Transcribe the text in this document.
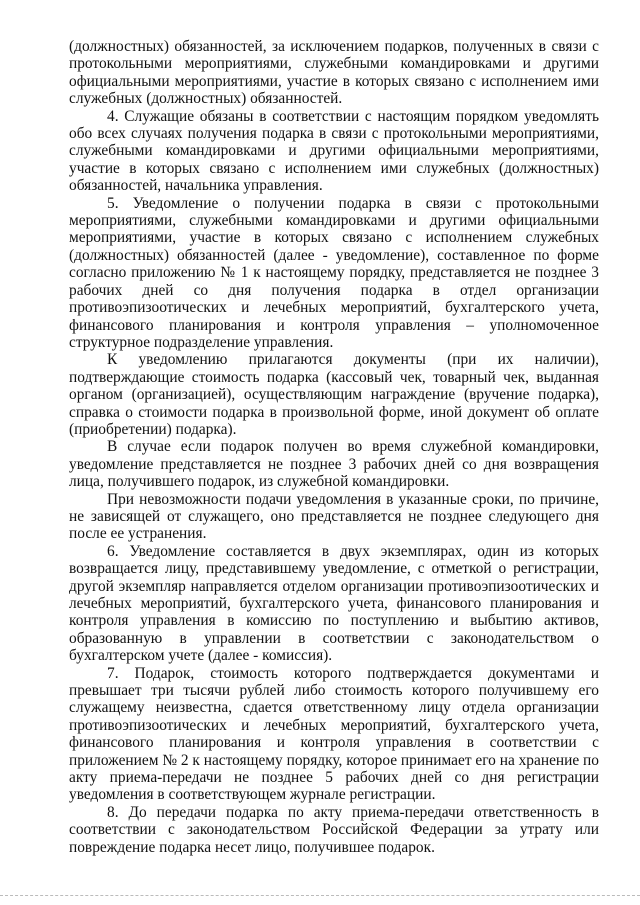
(должностных) обязанностей, за исключением подарков, полученных в связи с протокольными мероприятиями, служебными командировками и другими официальными мероприятиями, участие в которых связано с исполнением ими служебных (должностных) обязанностей.

4. Служащие обязаны в соответствии с настоящим порядком уведомлять обо всех случаях получения подарка в связи с протокольными мероприятиями, служебными командировками и другими официальными мероприятиями, участие в которых связано с исполнением ими служебных (должностных) обязанностей, начальника управления.

5. Уведомление о получении подарка в связи с протокольными мероприятиями, служебными командировками и другими официальными мероприятиями, участие в которых связано с исполнением служебных (должностных) обязанностей (далее - уведомление), составленное по форме согласно приложению № 1 к настоящему порядку, представляется не позднее 3 рабочих дней со дня получения подарка в отдел организации противоэпизоотических и лечебных мероприятий, бухгалтерского учета, финансового планирования и контроля управления – уполномоченное структурное подразделение управления.

К уведомлению прилагаются документы (при их наличии), подтверждающие стоимость подарка (кассовый чек, товарный чек, выданная органом (организацией), осуществляющим награждение (вручение подарка), справка о стоимости подарка в произвольной форме, иной документ об оплате (приобретении) подарка).

В случае если подарок получен во время служебной командировки, уведомление представляется не позднее 3 рабочих дней со дня возвращения лица, получившего подарок, из служебной командировки.

При невозможности подачи уведомления в указанные сроки, по причине, не зависящей от служащего, оно представляется не позднее следующего дня после ее устранения.

6. Уведомление составляется в двух экземплярах, один из которых возвращается лицу, представившему уведомление, с отметкой о регистрации, другой экземпляр направляется отделом организации противоэпизоотических и лечебных мероприятий, бухгалтерского учета, финансового планирования и контроля управления в комиссию по поступлению и выбытию активов, образованную в управлении в соответствии с законодательством о бухгалтерском учете (далее - комиссия).

7. Подарок, стоимость которого подтверждается документами и превышает три тысячи рублей либо стоимость которого получившему его служащему неизвестна, сдается ответственному лицу отдела организации противоэпизоотических и лечебных мероприятий, бухгалтерского учета, финансового планирования и контроля управления в соответствии с приложением № 2 к настоящему порядку, которое принимает его на хранение по акту приема-передачи не позднее 5 рабочих дней со дня регистрации уведомления в соответствующем журнале регистрации.

8. До передачи подарка по акту приема-передачи ответственность в соответствии с законодательством Российской Федерации за утрату или повреждение подарка несет лицо, получившее подарок.
